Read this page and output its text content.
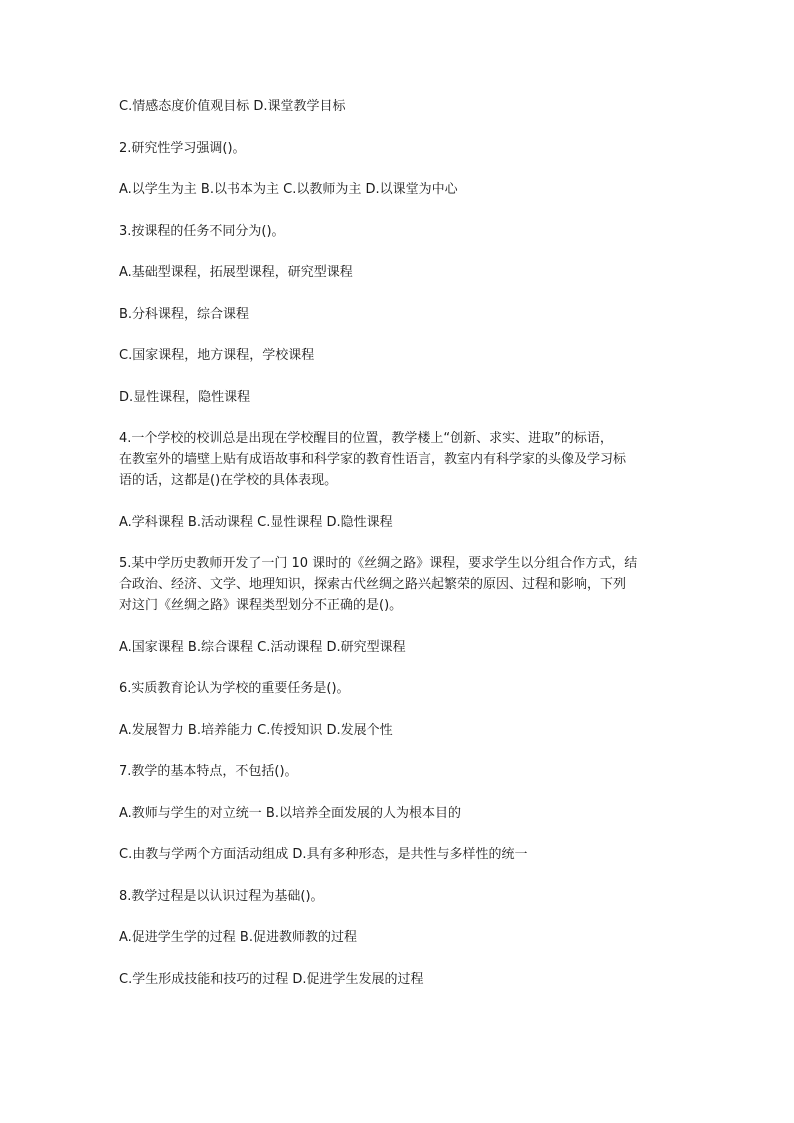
C.情感态度价值观目标 D.课堂教学目标

2.研究性学习强调()。

A.以学生为主 B.以书本为主 C.以教师为主 D.以课堂为中心

3.按课程的任务不同分为()。

A.基础型课程，拓展型课程，研究型课程

B.分科课程，综合课程

C.国家课程，地方课程，学校课程

D.显性课程，隐性课程

4.一个学校的校训总是出现在学校醒目的位置，教学楼上“创新、求实、进取”的标语，

在教室外的墙壁上贴有成语故事和科学家的教育性语言，教室内有科学家的头像及学习标

语的话，这都是()在学校的具体表现。

A.学科课程 B.活动课程 C.显性课程 D.隐性课程

5.某中学历史教师开发了一门 10 课时的《丝绸之路》课程，要求学生以分组合作方式，结

合政治、经济、文学、地理知识，探索古代丝绸之路兴起繁荣的原因、过程和影响，下列

对这门《丝绸之路》课程类型划分不正确的是()。

A.国家课程 B.综合课程 C.活动课程 D.研究型课程

6.实质教育论认为学校的重要任务是()。

A.发展智力 B.培养能力 C.传授知识 D.发展个性

7.教学的基本特点，不包括()。

A.教师与学生的对立统一 B.以培养全面发展的人为根本目的

C.由教与学两个方面活动组成 D.具有多种形态，是共性与多样性的统一

8.教学过程是以认识过程为基础()。

A.促进学生学的过程 B.促进教师教的过程

C.学生形成技能和技巧的过程 D.促进学生发展的过程
